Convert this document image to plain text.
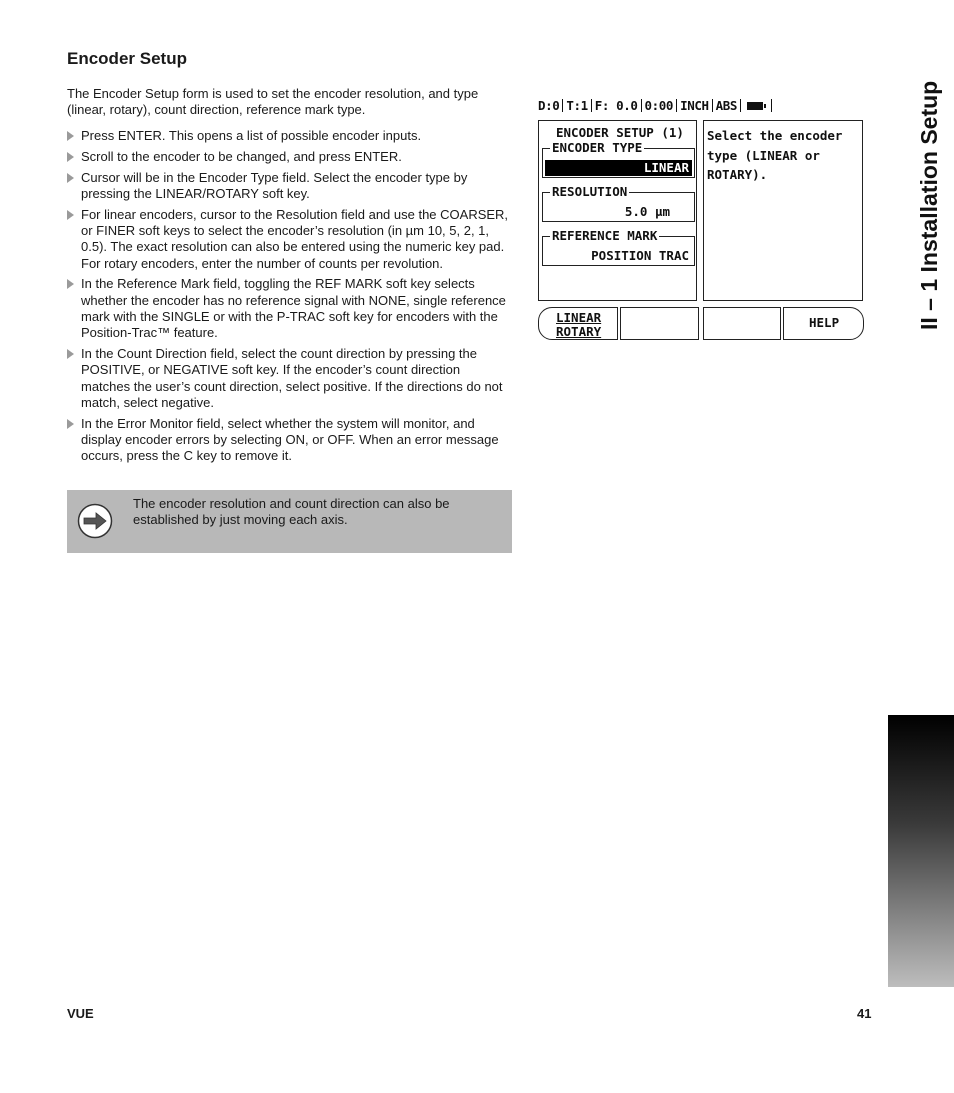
Encoder Setup

The Encoder Setup form is used to set the encoder resolution, and type (linear, rotary), count direction, reference mark type.

Press ENTER. This opens a list of possible encoder inputs.
Scroll to the encoder to be changed, and press ENTER.
Cursor will be in the Encoder Type field. Select the encoder type by pressing the LINEAR/ROTARY soft key.
For linear encoders, cursor to the Resolution field and use the COARSER, or FINER soft keys to select the encoder’s resolution (in µm 10, 5, 2, 1, 0.5). The exact resolution can also be entered using the numeric key pad. For rotary encoders, enter the number of counts per revolution.
In the Reference Mark field, toggling the REF MARK soft key selects whether the encoder has no reference signal with NONE, single reference mark with the SINGLE or with the P-TRAC soft key for encoders with the Position-Trac™ feature.
In the Count Direction field, select the count direction by pressing the POSITIVE, or NEGATIVE soft key. If the encoder’s count direction matches the user’s count direction, select positive. If the directions do not match, select negative.
In the Error Monitor field, select whether the system will monitor, and display encoder errors by selecting ON, or OFF. When an error message occurs, press the C key to remove it.

The encoder resolution and count direction can also be established by just moving each axis.

D:0 T:1 F: 0.0 0:00 INCH ABS
ENCODER SETUP (1)
ENCODER TYPE
LINEAR
RESOLUTION
5.0 µm
REFERENCE MARK
POSITION TRAC

Select the encoder type (LINEAR or ROTARY).

LINEAR
ROTARY
HELP	II – 1 Installation Setup
VUE	41
